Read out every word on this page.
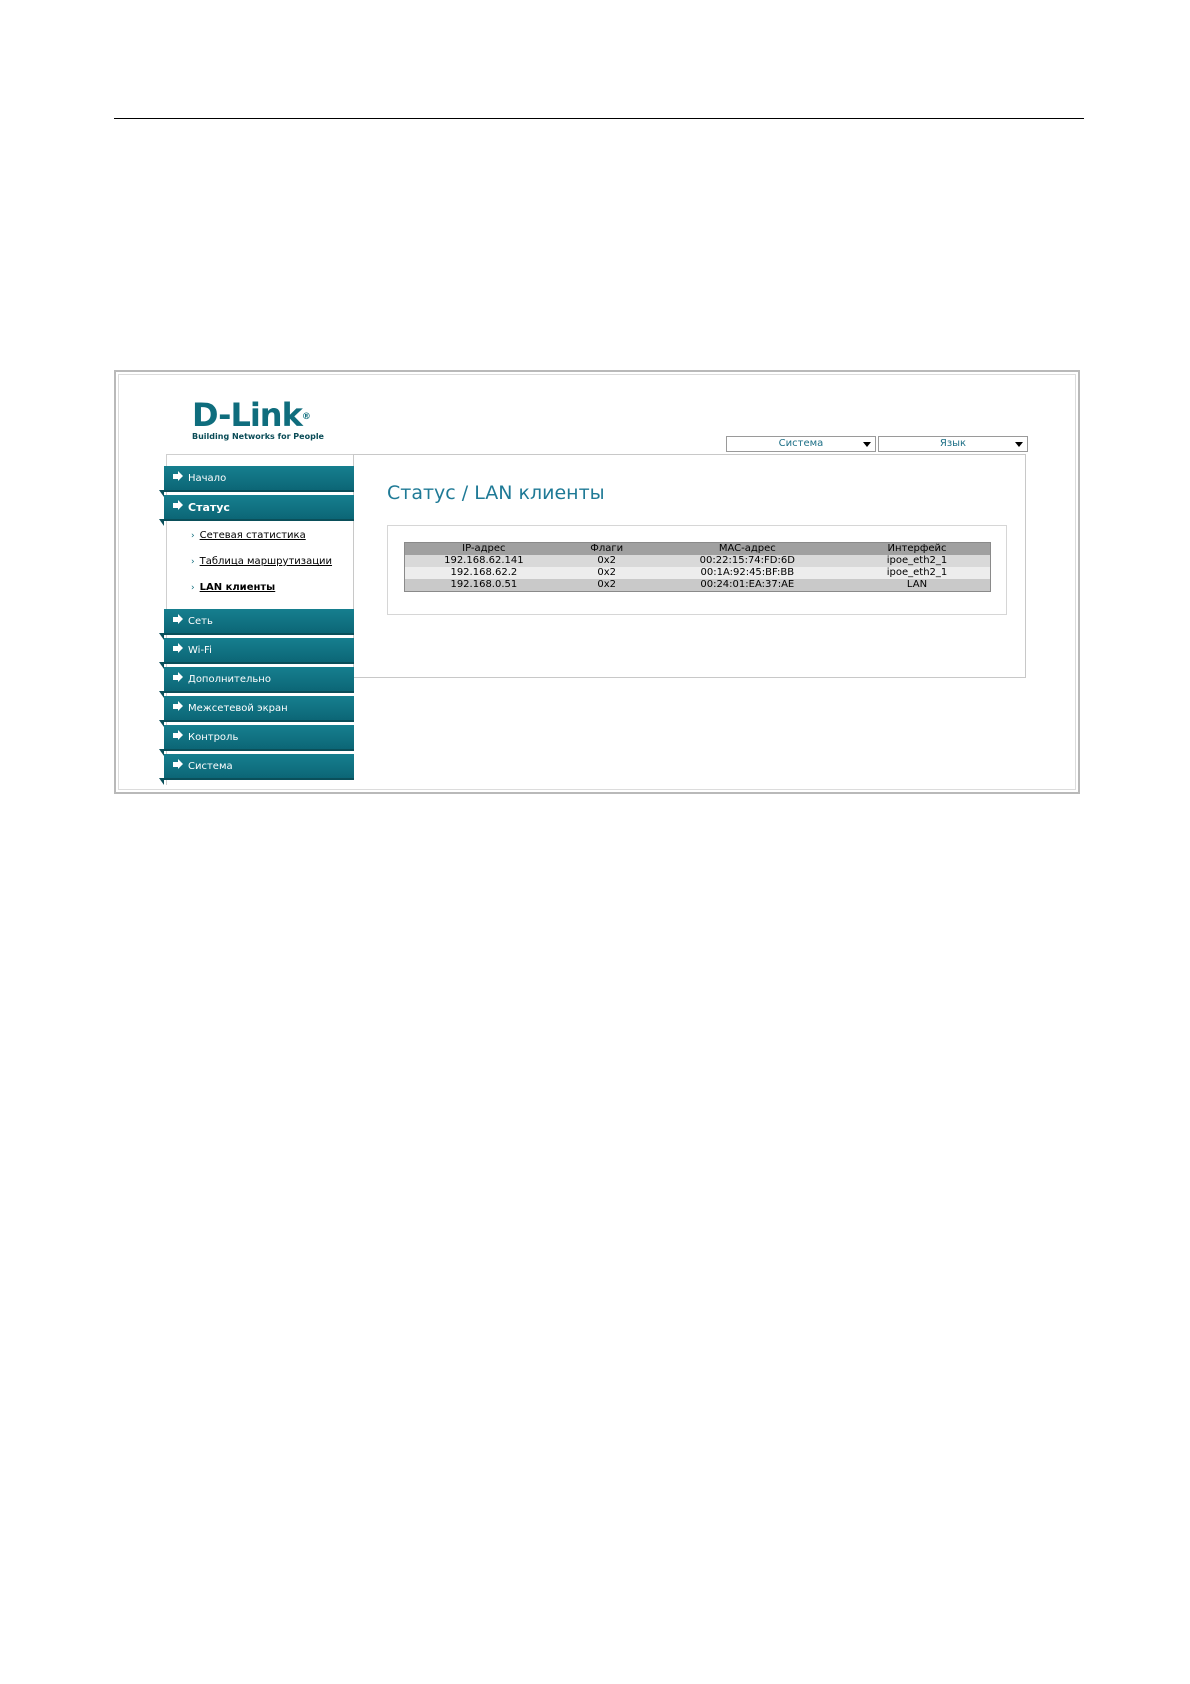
D-Link®
Building Networks for People
Система	Язык
Начало
Статус
› Сетевая статистика
› Таблица маршрутизации
› LAN клиенты
Сеть
Wi-Fi
Дополнительно
Межсетевой экран
Контроль
Система
Статус / LAN клиенты
IP-адрес	Флаги	MAC-адрес	Интерфейс
192.168.62.141	0x2	00:22:15:74:FD:6D	ipoe_eth2_1
192.168.62.2	0x2	00:1A:92:45:BF:BB	ipoe_eth2_1
192.168.0.51	0x2	00:24:01:EA:37:AE	LAN
